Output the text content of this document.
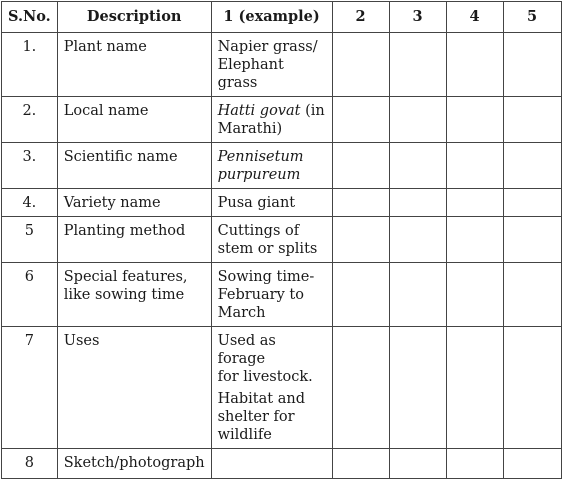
S.No.	Description	1 (example)	2	3	4	5
1.	Plant name	Napier grass/
Elephant grass				
2.	Local name	Hatti govat (in
Marathi)				
3.	Scientific name	Pennisetum
purpureum				
4.	Variety name	Pusa giant				
5	Planting method	Cuttings of
stem or splits				
6	Special features,
like sowing time	Sowing time-
February to
March				
7	Uses	Used as forage
for livestock.
Habitat and
shelter for
wildlife				
8	Sketch/photograph					
